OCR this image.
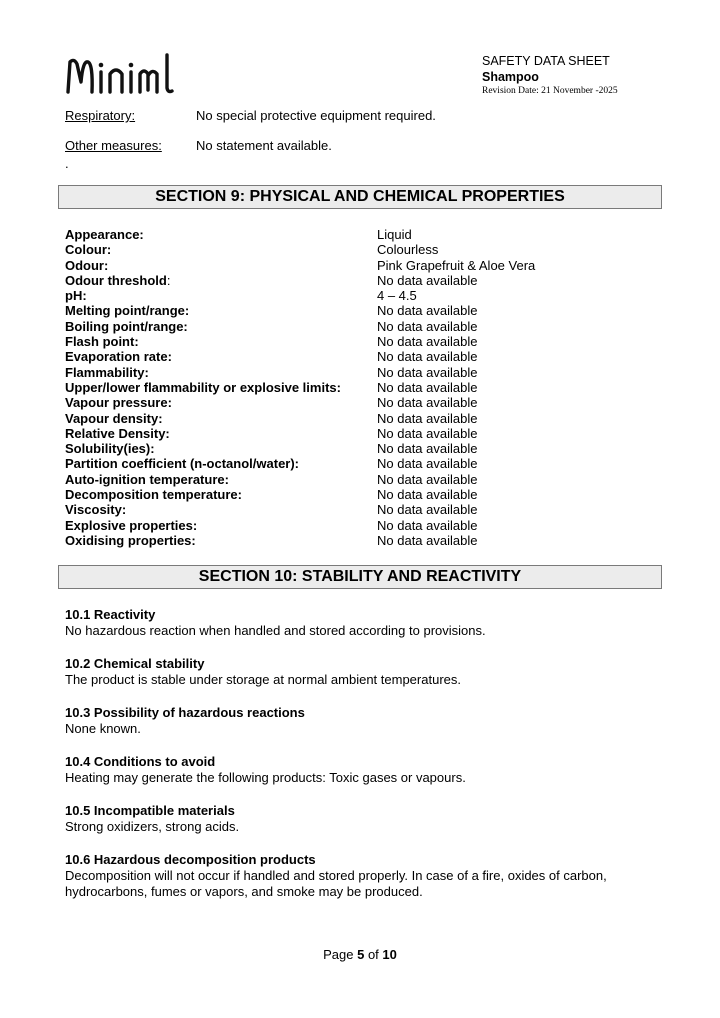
SAFETY DATA SHEET
Shampoo
Revision Date: 21 November -2025
Respiratory:	No special protective equipment required.
Other measures:	No statement available.
.
SECTION 9: PHYSICAL AND CHEMICAL PROPERTIES
Appearance:	Liquid
Colour:	Colourless
Odour:	Pink Grapefruit & Aloe Vera
Odour threshold:	No data available
pH:	4 – 4.5
Melting point/range:	No data available
Boiling point/range:	No data available
Flash point:	No data available
Evaporation rate:	No data available
Flammability:	No data available
Upper/lower flammability or explosive limits:	No data available
Vapour pressure:	No data available
Vapour density:	No data available
Relative Density:	No data available
Solubility(ies):	No data available
Partition coefficient (n-octanol/water):	No data available
Auto-ignition temperature:	No data available
Decomposition temperature:	No data available
Viscosity:	No data available
Explosive properties:	No data available
Oxidising properties:	No data available
SECTION 10: STABILITY AND REACTIVITY
10.1 Reactivity
No hazardous reaction when handled and stored according to provisions.
10.2 Chemical stability
The product is stable under storage at normal ambient temperatures.
10.3 Possibility of hazardous reactions
None known.
10.4 Conditions to avoid
Heating may generate the following products: Toxic gases or vapours.
10.5 Incompatible materials
Strong oxidizers, strong acids.
10.6 Hazardous decomposition products
Decomposition will not occur if handled and stored properly. In case of a fire, oxides of carbon, hydrocarbons, fumes or vapors, and smoke may be produced.
Page 5 of 10
